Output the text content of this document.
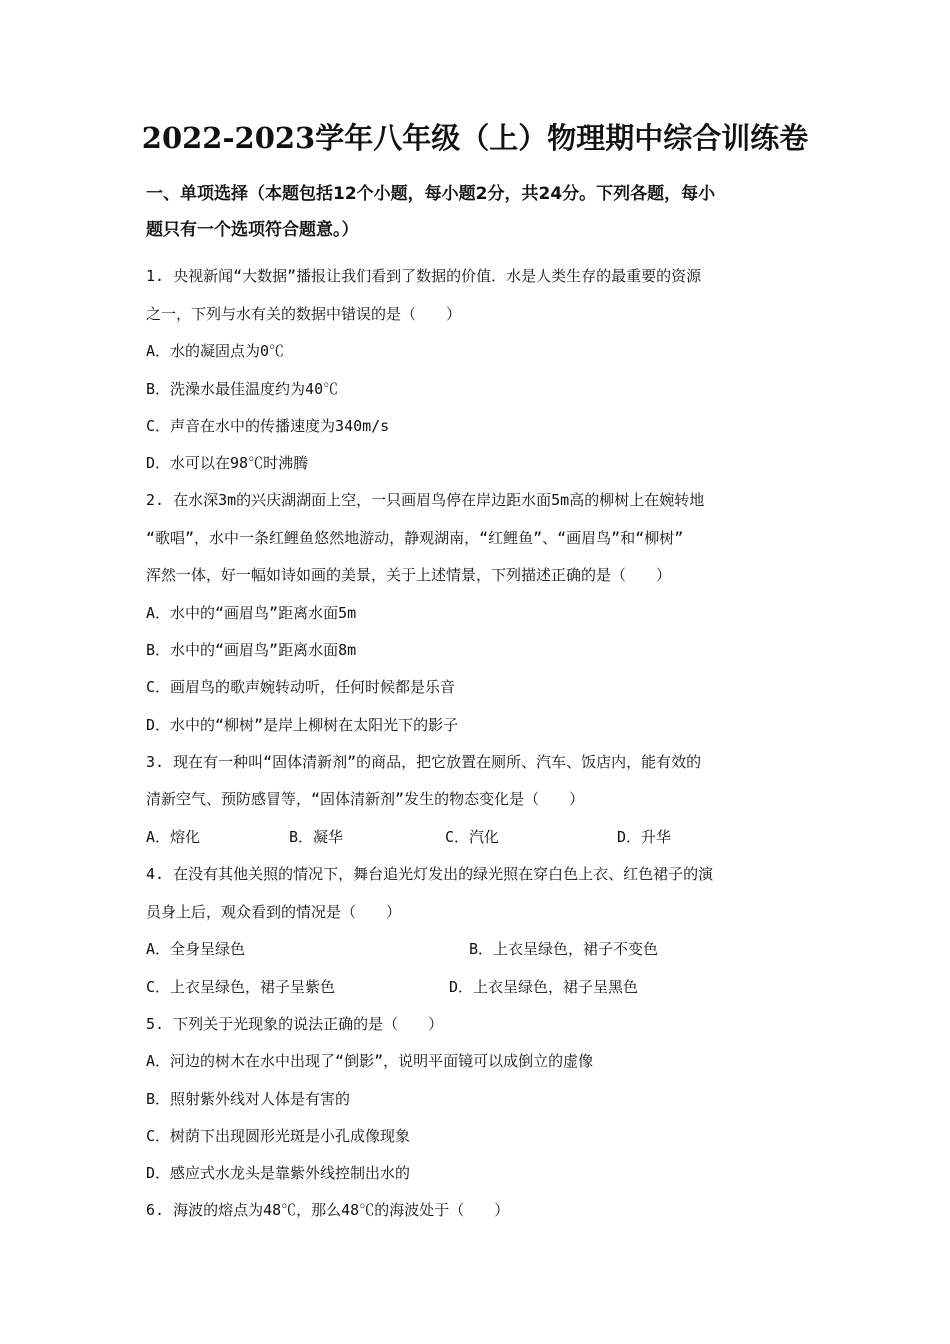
2022-2023学年八年级（上）物理期中综合训练卷
一、单项选择（本题包括12个小题，每小题2分，共24分。下列各题，每小
题只有一个选项符合题意。）
1. 央视新闻“大数据”播报让我们看到了数据的价值．水是人类生存的最重要的资源
之一，下列与水有关的数据中错误的是（　　）
A．水的凝固点为0℃
B．洗澡水最佳温度约为40℃
C．声音在水中的传播速度为340m/s
D．水可以在98℃时沸腾
2. 在水深3m的兴庆湖湖面上空，一只画眉鸟停在岸边距水面5m高的柳树上在婉转地
“歌唱”，水中一条红鲤鱼悠然地游动，静观湖南，“红鲤鱼”、“画眉鸟”和“柳树”
浑然一体，好一幅如诗如画的美景，关于上述情景，下列描述正确的是（　　）
A．水中的“画眉鸟”距离水面5m
B．水中的“画眉鸟”距离水面8m
C．画眉鸟的歌声婉转动听，任何时候都是乐音
D．水中的“柳树”是岸上柳树在太阳光下的影子
3. 现在有一种叫“固体清新剂”的商品，把它放置在厕所、汽车、饭店内，能有效的
清新空气、预防感冒等，“固体清新剂”发生的物态变化是（　　）
A．熔化	B．凝华	C．汽化	D．升华
4. 在没有其他关照的情况下，舞台追光灯发出的绿光照在穿白色上衣、红色裙子的演
员身上后，观众看到的情况是（　　）
A．全身呈绿色	B．上衣呈绿色，裙子不变色
C．上衣呈绿色，裙子呈紫色	D．上衣呈绿色，裙子呈黑色
5. 下列关于光现象的说法正确的是（　　）
A．河边的树木在水中出现了“倒影”，说明平面镜可以成倒立的虚像
B．照射紫外线对人体是有害的
C．树荫下出现圆形光斑是小孔成像现象
D．感应式水龙头是靠紫外线控制出水的
6. 海波的熔点为48℃，那么48℃的海波处于（　　）
